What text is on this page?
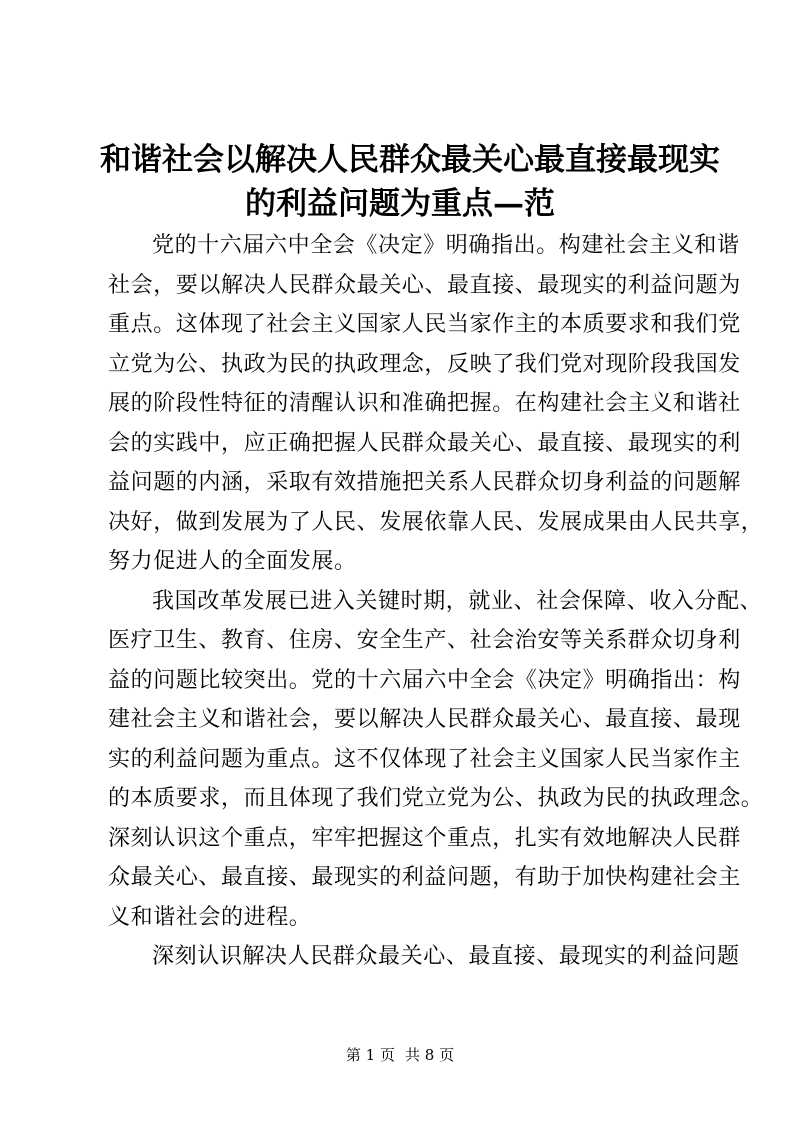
和谐社会以解决人民群众最关心最直接最现实
的利益问题为重点—范
党的十六届六中全会《决定》明确指出。构建社会主义和谐
社会，要以解决人民群众最关心、最直接、最现实的利益问题为
重点。这体现了社会主义国家人民当家作主的本质要求和我们党
立党为公、执政为民的执政理念，反映了我们党对现阶段我国发
展的阶段性特征的清醒认识和准确把握。在构建社会主义和谐社
会的实践中，应正确把握人民群众最关心、最直接、最现实的利
益问题的内涵，采取有效措施把关系人民群众切身利益的问题解
决好，做到发展为了人民、发展依靠人民、发展成果由人民共享，
努力促进人的全面发展。
我国改革发展已进入关键时期，就业、社会保障、收入分配、
医疗卫生、教育、住房、安全生产、社会治安等关系群众切身利
益的问题比较突出。党的十六届六中全会《决定》明确指出：构
建社会主义和谐社会，要以解决人民群众最关心、最直接、最现
实的利益问题为重点。这不仅体现了社会主义国家人民当家作主
的本质要求，而且体现了我们党立党为公、执政为民的执政理念。
深刻认识这个重点，牢牢把握这个重点，扎实有效地解决人民群
众最关心、最直接、最现实的利益问题，有助于加快构建社会主
义和谐社会的进程。
深刻认识解决人民群众最关心、最直接、最现实的利益问题
第 1 页 共 8 页
